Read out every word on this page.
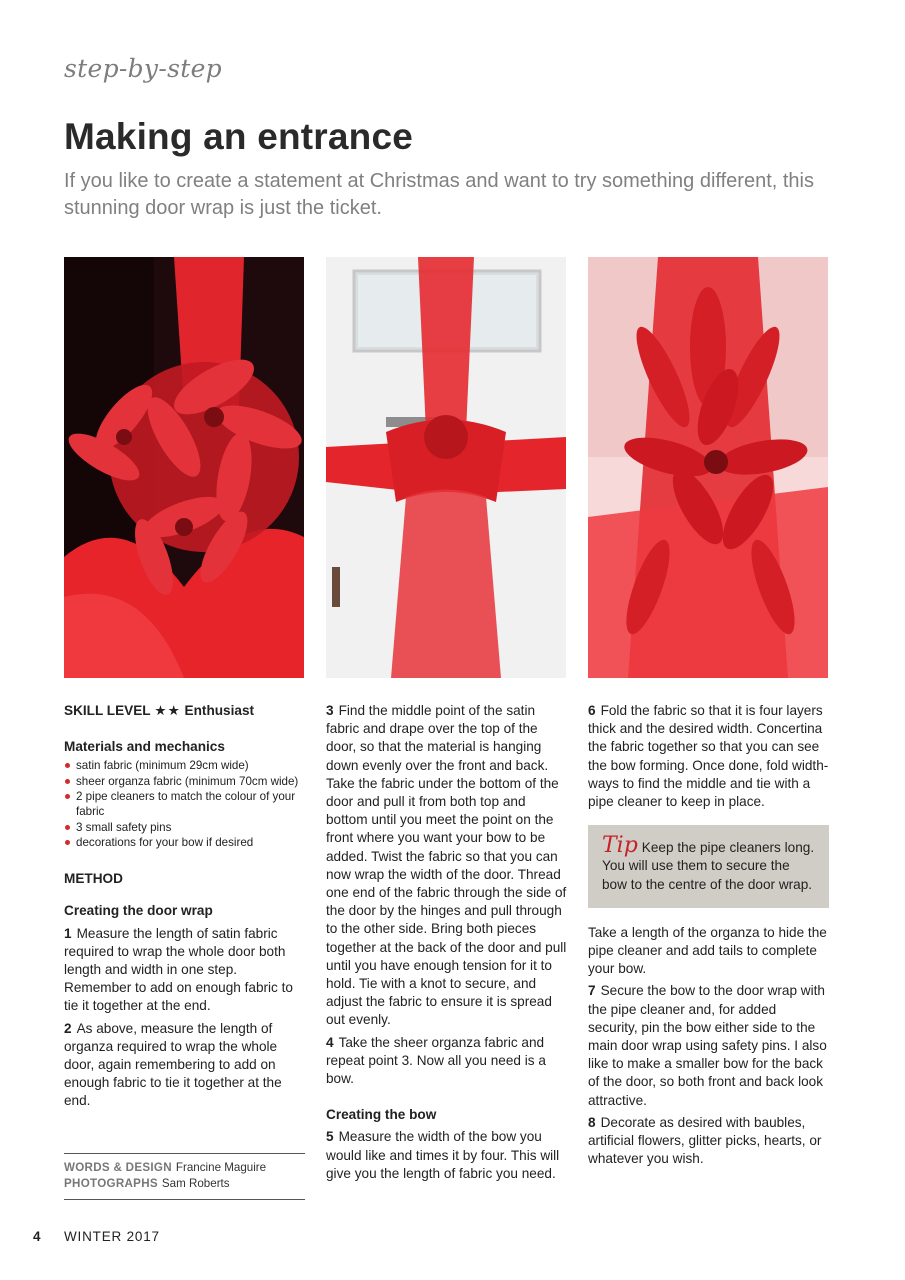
step-by-step
Making an entrance

If you like to create a statement at Christmas and want to try something different, this stunning door wrap is just the ticket.

SKILL LEVEL ★★ Enthusiast

Materials and mechanics
satin fabric (minimum 29cm wide)
sheer organza fabric (minimum 70cm wide)
2 pipe cleaners to match the colour of your fabric
3 small safety pins
decorations for your bow if desired
METHOD
Creating the door wrap

1 Measure the length of satin fabric required to wrap the whole door both length and width in one step. Remember to add on enough fabric to tie it together at the end.

2 As above, measure the length of organza required to wrap the whole door, again remembering to add on enough fabric to tie it together at the end.

WORDS & DESIGN Francine Maguire
PHOTOGRAPHS Sam Roberts

3 Find the middle point of the satin fabric and drape over the top of the door, so that the material is hanging down evenly over the front and back. Take the fabric under the bottom of the door and pull it from both top and bottom until you meet the point on the front where you want your bow to be added. Twist the fabric so that you can now wrap the width of the door. Thread one end of the fabric through the side of the door by the hinges and pull through to the other side. Bring both pieces together at the back of the door and pull until you have enough tension for it to hold. Tie with a knot to secure, and adjust the fabric to ensure it is spread out evenly.

4 Take the sheer organza fabric and repeat point 3. Now all you need is a bow.

Creating the bow

5 Measure the width of the bow you would like and times it by four. This will give you the length of fabric you need.

6 Fold the fabric so that it is four layers thick and the desired width. Concertina the fabric together so that you can see the bow forming. Once done, fold width-ways to find the middle and tie with a pipe cleaner to keep in place.

Tip Keep the pipe cleaners long. You will use them to secure the bow to the centre of the door wrap.

Take a length of the organza to hide the pipe cleaner and add tails to complete your bow.

7 Secure the bow to the door wrap with the pipe cleaner and, for added security, pin the bow either side to the main door wrap using safety pins. I also like to make a smaller bow for the back of the door, so both front and back look attractive.

8 Decorate as desired with baubles, artificial flowers, glitter picks, hearts, or whatever you wish.

4 WINTER 2017
